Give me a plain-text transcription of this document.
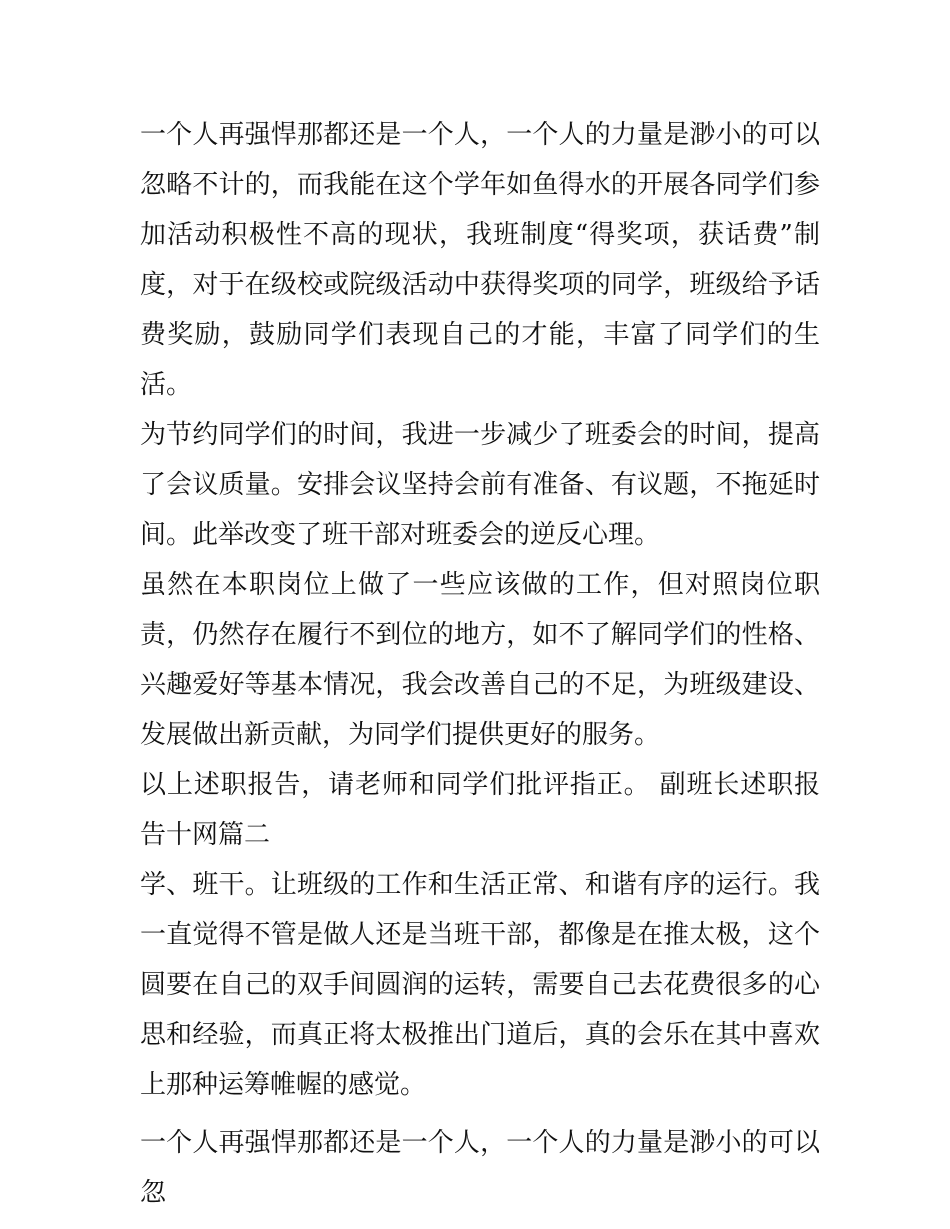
一个人再强悍那都还是一个人，一个人的力量是渺小的可以忽略不计的，而我能在这个学年如鱼得水的开展各同学们参加活动积极性不高的现状，我班制度“得奖项，获话费”制度，对于在级校或院级活动中获得奖项的同学，班级给予话费奖励，鼓励同学们表现自己的才能，丰富了同学们的生活。

为节约同学们的时间，我进一步减少了班委会的时间，提高了会议质量。安排会议坚持会前有准备、有议题，不拖延时间。此举改变了班干部对班委会的逆反心理。

虽然在本职岗位上做了一些应该做的工作，但对照岗位职责，仍然存在履行不到位的地方，如不了解同学们的性格、兴趣爱好等基本情况，我会改善自己的不足，为班级建设、发展做出新贡献，为同学们提供更好的服务。

以上述职报告，请老师和同学们批评指正。 副班长述职报告十网篇二

学、班干。让班级的工作和生活正常、和谐有序的运行。我一直觉得不管是做人还是当班干部，都像是在推太极，这个圆要在自己的双手间圆润的运转，需要自己去花费很多的心思和经验，而真正将太极推出门道后，真的会乐在其中喜欢上那种运筹帷幄的感觉。

一个人再强悍那都还是一个人，一个人的力量是渺小的可以忽
